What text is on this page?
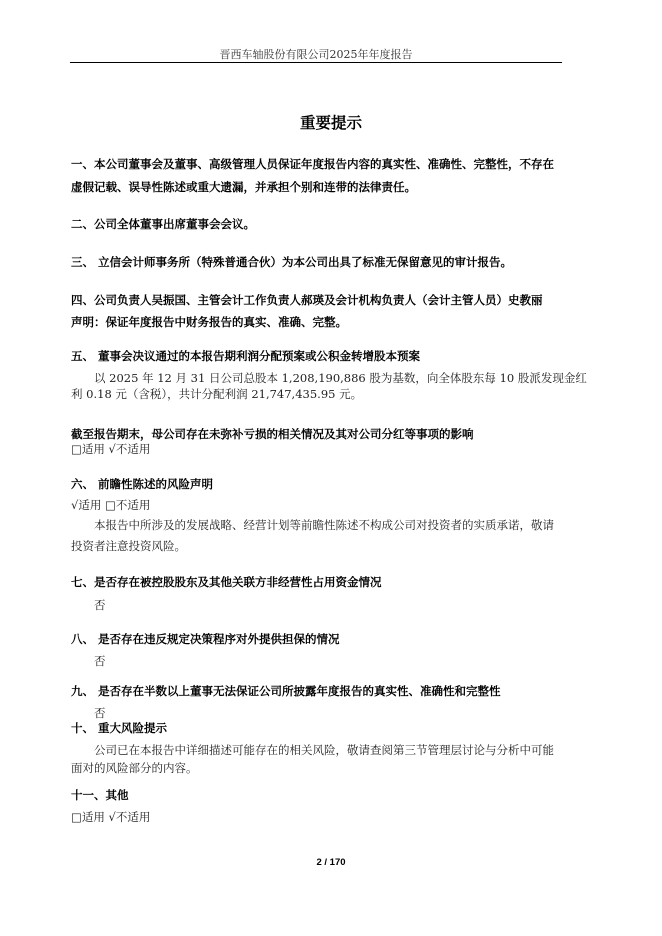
晋西车轴股份有限公司2025年年度报告
重要提示
一、本公司董事会及董事、高级管理人员保证年度报告内容的真实性、准确性、完整性，不存在
虚假记载、误导性陈述或重大遗漏，并承担个别和连带的法律责任。
二、公司全体董事出席董事会会议。
三、 立信会计师事务所（特殊普通合伙）为本公司出具了标准无保留意见的审计报告。
四、公司负责人吴振国、主管会计工作负责人郝瑛及会计机构负责人（会计主管人员）史教丽
声明：保证年度报告中财务报告的真实、准确、完整。
五、 董事会决议通过的本报告期利润分配预案或公积金转增股本预案
以 2025 年 12 月 31 日公司总股本 1,208,190,886 股为基数，向全体股东每 10 股派发现金红
利 0.18 元（含税），共计分配利润 21,747,435.95 元。
截至报告期末，母公司存在未弥补亏损的相关情况及其对公司分红等事项的影响
□适用 √不适用
六、 前瞻性陈述的风险声明
√适用 □不适用
本报告中所涉及的发展战略、经营计划等前瞻性陈述不构成公司对投资者的实质承诺，敬请
投资者注意投资风险。
七、是否存在被控股股东及其他关联方非经营性占用资金情况
否
八、 是否存在违反规定决策程序对外提供担保的情况
否
九、 是否存在半数以上董事无法保证公司所披露年度报告的真实性、准确性和完整性
否
十、 重大风险提示
公司已在本报告中详细描述可能存在的相关风险，敬请查阅第三节管理层讨论与分析中可能
面对的风险部分的内容。
十一、其他
□适用 √不适用
2 / 170
